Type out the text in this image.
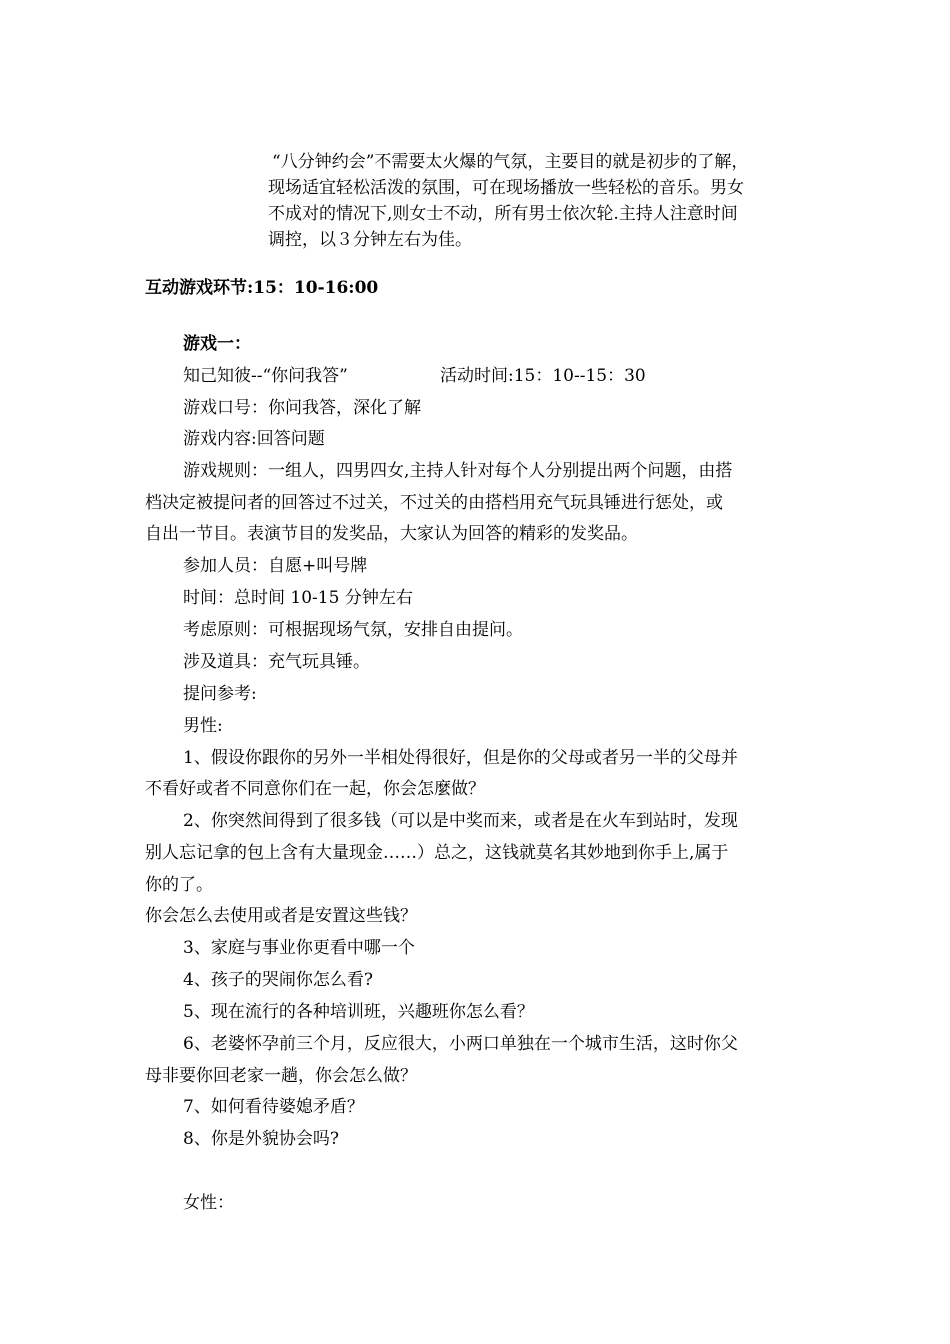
“八分钟约会”不需要太火爆的气氛，主要目的就是初步的了解，
现场适宜轻松活泼的氛围，可在现场播放一些轻松的音乐。男女
不成对的情况下,则女士不动，所有男士依次轮.主持人注意时间
调控，以３分钟左右为佳。
互动游戏环节:15：10-16:00
游戏一：
知己知彼--“你问我答”	活动时间:15：10--15：30
游戏口号：你问我答，深化了解
游戏内容:回答问题
游戏规则：一组人，四男四女,主持人针对每个人分别提出两个问题，由搭
档决定被提问者的回答过不过关，不过关的由搭档用充气玩具锤进行惩处，或
自出一节目。表演节目的发奖品，大家认为回答的精彩的发奖品。
参加人员：自愿+叫号牌
时间：总时间 10-15 分钟左右
考虑原则：可根据现场气氛，安排自由提问。
涉及道具：充气玩具锤。
提问参考:
男性:
1、假设你跟你的另外一半相处得很好，但是你的父母或者另一半的父母并
不看好或者不同意你们在一起，你会怎麼做？
2、你突然间得到了很多钱（可以是中奖而来，或者是在火车到站时，发现
别人忘记拿的包上含有大量现金……）总之，这钱就莫名其妙地到你手上,属于
你的了。
你会怎么去使用或者是安置这些钱？
3、家庭与事业你更看中哪一个
4、孩子的哭闹你怎么看?
5、现在流行的各种培训班，兴趣班你怎么看？
6、老婆怀孕前三个月，反应很大，小两口单独在一个城市生活，这时你父
母非要你回老家一趟，你会怎么做？
7、如何看待婆媳矛盾？
8、你是外貌协会吗?
女性：
